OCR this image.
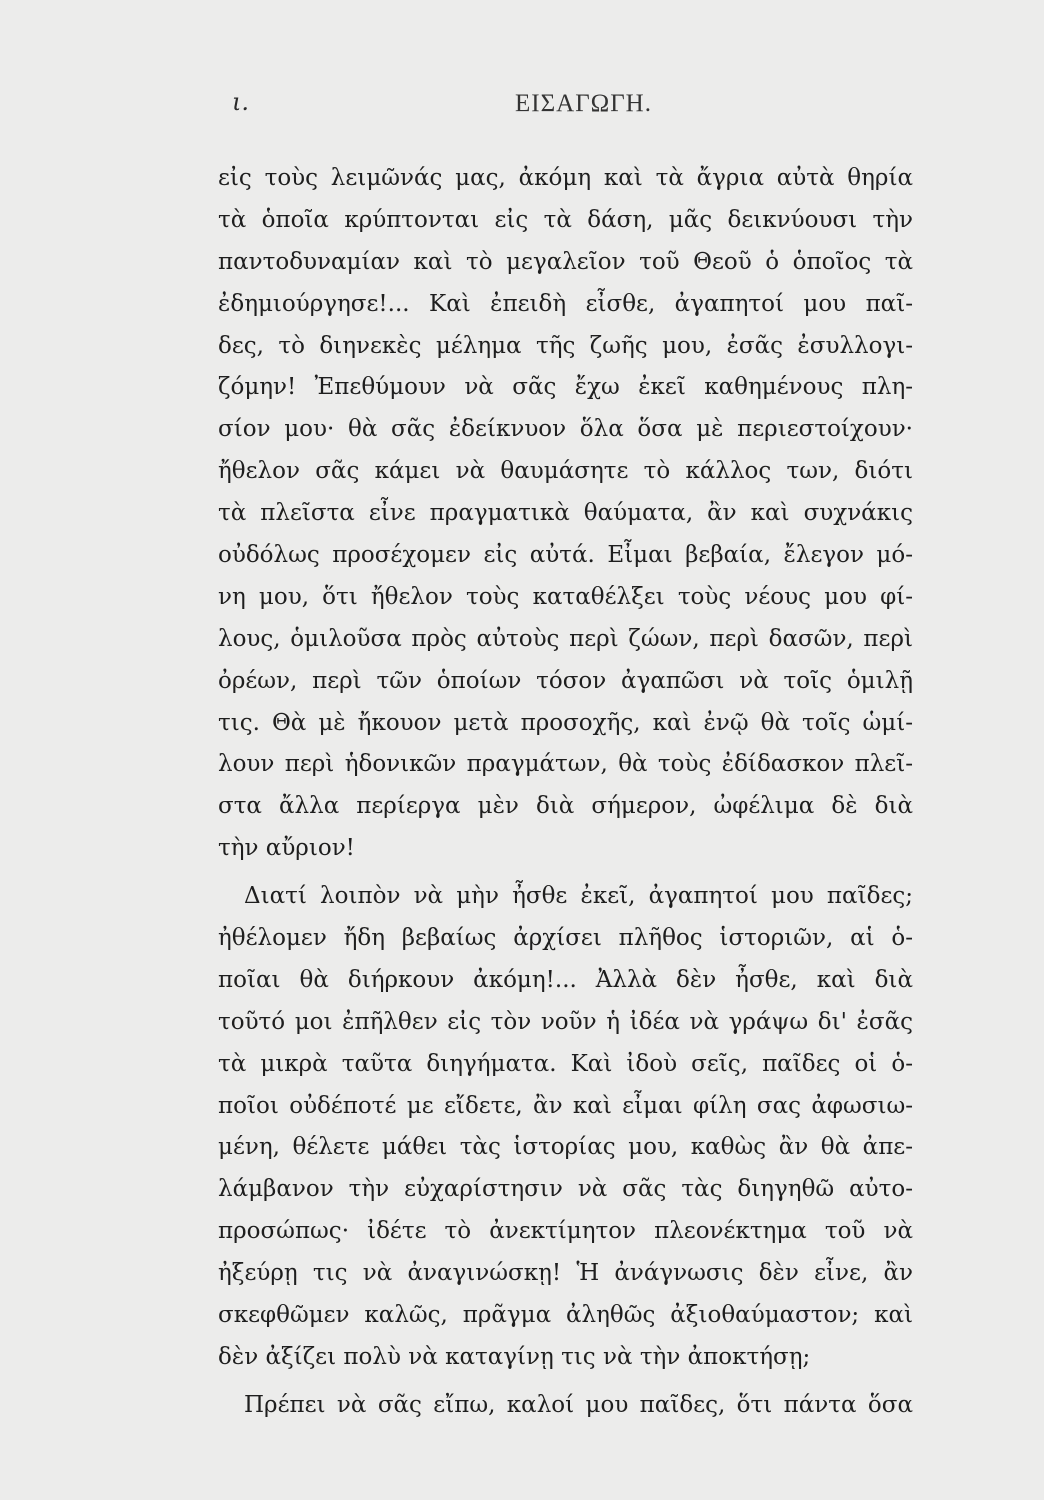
ι.	ΕΙΣΑΓΩΓΗ.
εἰς τοὺς λειμῶνάς μας, ἀκόμη καὶ τὰ ἄγρια αὐτὰ θηρία
τὰ ὁποῖα κρύπτονται εἰς τὰ δάση, μᾶς δεικνύουσι τὴν
παντοδυναμίαν καὶ τὸ μεγαλεῖον τοῦ Θεοῦ ὁ ὁποῖος τὰ
ἐδημιούργησε!... Καὶ ἐπειδὴ εἶσθε, ἀγαπητοί μου παῖ-
δες, τὸ διηνεκὲς μέλημα τῆς ζωῆς μου, ἐσᾶς ἐσυλλογι-
ζόμην! Ἐπεθύμουν νὰ σᾶς ἔχω ἐκεῖ καθημένους πλη-
σίον μου· θὰ σᾶς ἐδείκνυον ὅλα ὅσα μὲ περιεστοίχουν·
ἤθελον σᾶς κάμει νὰ θαυμάσητε τὸ κάλλος των, διότι
τὰ πλεῖστα εἶνε πραγματικὰ θαύματα, ἂν καὶ συχνάκις
οὐδόλως προσέχομεν εἰς αὐτά. Εἶμαι βεβαία, ἔλεγον μό-
νη μου, ὅτι ἤθελον τοὺς καταθέλξει τοὺς νέους μου φί-
λους, ὁμιλοῦσα πρὸς αὐτοὺς περὶ ζώων, περὶ δασῶν, περὶ
ὀρέων, περὶ τῶν ὁποίων τόσον ἀγαπῶσι νὰ τοῖς ὁμιλῇ
τις. Θὰ μὲ ἤκουον μετὰ προσοχῆς, καὶ ἐνῷ θὰ τοῖς ὡμί-
λουν περὶ ἡδονικῶν πραγμάτων, θὰ τοὺς ἐδίδασκον πλεῖ-
στα ἄλλα περίεργα μὲν διὰ σήμερον, ὠφέλιμα δὲ διὰ
τὴν αὔριον!
Διατί λοιπὸν νὰ μὴν ἦσθε ἐκεῖ, ἀγαπητοί μου παῖδες;
ἠθέλομεν ἤδη βεβαίως ἀρχίσει πλῆθος ἱστοριῶν, αἱ ὁ-
ποῖαι θὰ διήρκουν ἀκόμη!... Ἀλλὰ δὲν ἦσθε, καὶ διὰ
τοῦτό μοι ἐπῆλθεν εἰς τὸν νοῦν ἡ ἰδέα νὰ γράψω δι' ἐσᾶς
τὰ μικρὰ ταῦτα διηγήματα. Καὶ ἰδοὺ σεῖς, παῖδες οἱ ὁ-
ποῖοι οὐδέποτέ με εἴδετε, ἂν καὶ εἶμαι φίλη σας ἀφωσιω-
μένη, θέλετε μάθει τὰς ἱστορίας μου, καθὼς ἂν θὰ ἀπε-
λάμβανον τὴν εὐχαρίστησιν νὰ σᾶς τὰς διηγηθῶ αὐτο-
προσώπως· ἰδέτε τὸ ἀνεκτίμητον πλεονέκτημα τοῦ νὰ
ἠξεύρῃ τις νὰ ἀναγινώσκῃ! Ἡ ἀνάγνωσις δὲν εἶνε, ἂν
σκεφθῶμεν καλῶς, πρᾶγμα ἀληθῶς ἀξιοθαύμαστον; καὶ
δὲν ἀξίζει πολὺ νὰ καταγίνῃ τις νὰ τὴν ἀποκτήσῃ;
Πρέπει νὰ σᾶς εἴπω, καλοί μου παῖδες, ὅτι πάντα ὅσα
